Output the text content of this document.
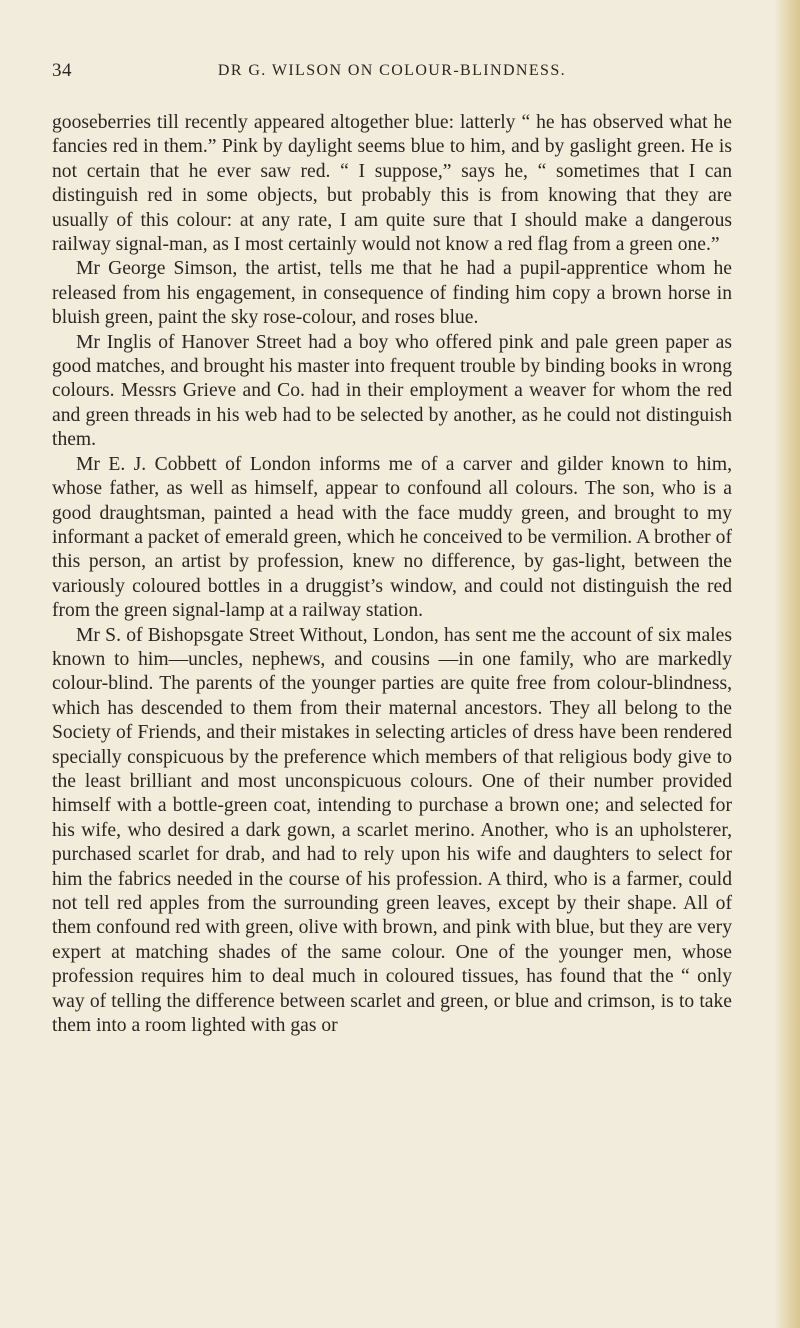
34	DR G. WILSON ON COLOUR-BLINDNESS.

gooseberries till recently appeared altogether blue: latterly “ he has observed what he fancies red in them.” Pink by daylight seems blue to him, and by gaslight green. He is not certain that he ever saw red. “ I suppose,” says he, “ sometimes that I can distinguish red in some objects, but probably this is from knowing that they are usually of this colour: at any rate, I am quite sure that I should make a dangerous railway signal-man, as I most certainly would not know a red flag from a green one.”

Mr George Simson, the artist, tells me that he had a pupil-apprentice whom he released from his engagement, in consequence of finding him copy a brown horse in bluish green, paint the sky rose-colour, and roses blue.

Mr Inglis of Hanover Street had a boy who offered pink and pale green paper as good matches, and brought his master into frequent trouble by binding books in wrong colours. Messrs Grieve and Co. had in their employment a weaver for whom the red and green threads in his web had to be selected by another, as he could not distinguish them.

Mr E. J. Cobbett of London informs me of a carver and gilder known to him, whose father, as well as himself, appear to confound all colours. The son, who is a good draughtsman, painted a head with the face muddy green, and brought to my informant a packet of emerald green, which he conceived to be vermilion. A brother of this person, an artist by profession, knew no difference, by gas-light, between the variously coloured bottles in a druggist’s window, and could not distinguish the red from the green signal-lamp at a railway station.

Mr S. of Bishopsgate Street Without, London, has sent me the account of six males known to him—uncles, nephews, and cousins —in one family, who are markedly colour-blind. The parents of the younger parties are quite free from colour-blindness, which has descended to them from their maternal ancestors. They all belong to the Society of Friends, and their mistakes in selecting articles of dress have been rendered specially conspicuous by the preference which members of that religious body give to the least brilliant and most unconspicuous colours. One of their number provided himself with a bottle-green coat, intending to purchase a brown one; and selected for his wife, who desired a dark gown, a scarlet merino. Another, who is an upholsterer, purchased scarlet for drab, and had to rely upon his wife and daughters to select for him the fabrics needed in the course of his profession. A third, who is a farmer, could not tell red apples from the surrounding green leaves, except by their shape. All of them confound red with green, olive with brown, and pink with blue, but they are very expert at matching shades of the same colour. One of the younger men, whose profession requires him to deal much in coloured tissues, has found that the “ only way of telling the difference between scarlet and green, or blue and crimson, is to take them into a room lighted with gas or
